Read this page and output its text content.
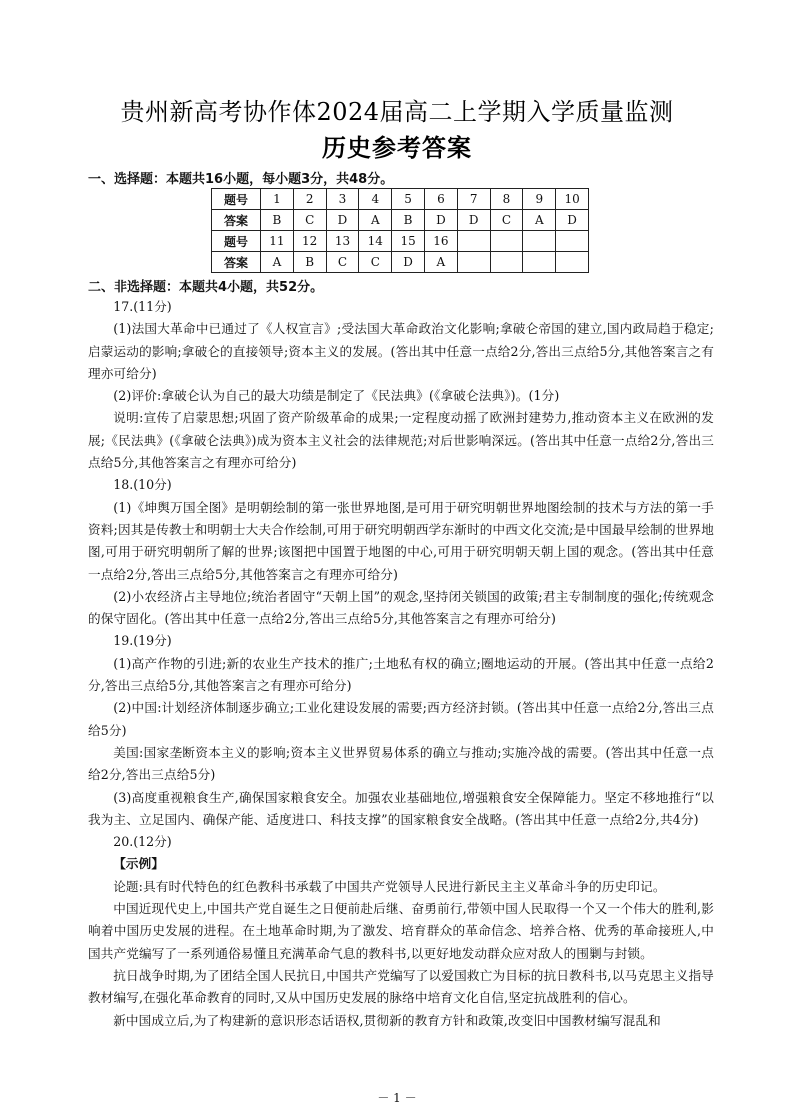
贵州新高考协作体2024届高二上学期入学质量监测
历史参考答案
一、选择题：本题共16小题，每小题3分，共48分。
题号	1	2	3	4	5	6	7	8	9	10
答案	B	C	D	A	B	D	D	C	A	D
题号	11	12	13	14	15	16				
答案	A	B	C	C	D	A				
二、非选择题：本题共4小题，共52分。

17.(11分)

(1)法国大革命中已通过了《人权宣言》;受法国大革命政治文化影响;拿破仑帝国的建立,国内政局趋于稳定;启蒙运动的影响;拿破仑的直接领导;资本主义的发展。(答出其中任意一点给2分,答出三点给5分,其他答案言之有理亦可给分)

(2)评价:拿破仑认为自己的最大功绩是制定了《民法典》(《拿破仑法典》)。(1分)

说明:宣传了启蒙思想;巩固了资产阶级革命的成果;一定程度动摇了欧洲封建势力,推动资本主义在欧洲的发展;《民法典》(《拿破仑法典》)成为资本主义社会的法律规范;对后世影响深远。(答出其中任意一点给2分,答出三点给5分,其他答案言之有理亦可给分)

18.(10分)

(1)《坤舆万国全图》是明朝绘制的第一张世界地图,是可用于研究明朝世界地图绘制的技术与方法的第一手资料;因其是传教士和明朝士大夫合作绘制,可用于研究明朝西学东渐时的中西文化交流;是中国最早绘制的世界地图,可用于研究明朝所了解的世界;该图把中国置于地图的中心,可用于研究明朝天朝上国的观念。(答出其中任意一点给2分,答出三点给5分,其他答案言之有理亦可给分)

(2)小农经济占主导地位;统治者固守“天朝上国”的观念,坚持闭关锁国的政策;君主专制制度的强化;传统观念的保守固化。(答出其中任意一点给2分,答出三点给5分,其他答案言之有理亦可给分)

19.(19分)

(1)高产作物的引进;新的农业生产技术的推广;土地私有权的确立;圈地运动的开展。(答出其中任意一点给2分,答出三点给5分,其他答案言之有理亦可给分)

(2)中国:计划经济体制逐步确立;工业化建设发展的需要;西方经济封锁。(答出其中任意一点给2分,答出三点给5分)

美国:国家垄断资本主义的影响;资本主义世界贸易体系的确立与推动;实施冷战的需要。(答出其中任意一点给2分,答出三点给5分)

(3)高度重视粮食生产,确保国家粮食安全。加强农业基础地位,增强粮食安全保障能力。坚定不移地推行“以我为主、立足国内、确保产能、适度进口、科技支撑”的国家粮食安全战略。(答出其中任意一点给2分,共4分)

20.(12分)

【示例】

论题:具有时代特色的红色教科书承载了中国共产党领导人民进行新民主主义革命斗争的历史印记。

中国近现代史上,中国共产党自诞生之日便前赴后继、奋勇前行,带领中国人民取得一个又一个伟大的胜利,影响着中国历史发展的进程。在土地革命时期,为了激发、培育群众的革命信念、培养合格、优秀的革命接班人,中国共产党编写了一系列通俗易懂且充满革命气息的教科书,以更好地发动群众应对敌人的围剿与封锁。

抗日战争时期,为了团结全国人民抗日,中国共产党编写了以爱国救亡为目标的抗日教科书,以马克思主义指导教材编写,在强化革命教育的同时,又从中国历史发展的脉络中培育文化自信,坚定抗战胜利的信心。

新中国成立后,为了构建新的意识形态话语权,贯彻新的教育方针和政策,改变旧中国教材编写混乱和

－ 1 －
